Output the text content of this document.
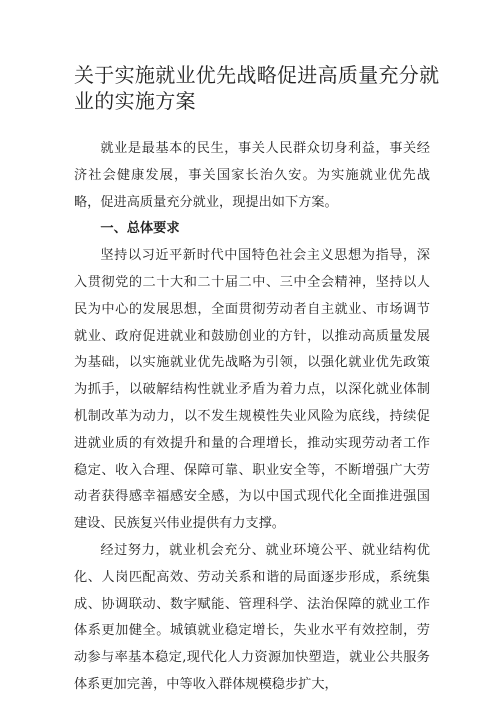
关于实施就业优先战略促进高质量充分就业的实施方案

就业是最基本的民生，事关人民群众切身利益，事关经济社会健康发展，事关国家长治久安。为实施就业优先战略，促进高质量充分就业，现提出如下方案。

一、总体要求

坚持以习近平新时代中国特色社会主义思想为指导，深入贯彻党的二十大和二十届二中、三中全会精神，坚持以人民为中心的发展思想，全面贯彻劳动者自主就业、市场调节就业、政府促进就业和鼓励创业的方针，以推动高质量发展为基础，以实施就业优先战略为引领，以强化就业优先政策为抓手，以破解结构性就业矛盾为着力点，以深化就业体制机制改革为动力，以不发生规模性失业风险为底线，持续促进就业质的有效提升和量的合理增长，推动实现劳动者工作稳定、收入合理、保障可靠、职业安全等，不断增强广大劳动者获得感幸福感安全感，为以中国式现代化全面推进强国建设、民族复兴伟业提供有力支撑。

经过努力，就业机会充分、就业环境公平、就业结构优化、人岗匹配高效、劳动关系和谐的局面逐步形成，系统集成、协调联动、数字赋能、管理科学、法治保障的就业工作体系更加健全。城镇就业稳定增长，失业水平有效控制，劳动参与率基本稳定,现代化人力资源加快塑造，就业公共服务体系更加完善，中等收入群体规模稳步扩大，
